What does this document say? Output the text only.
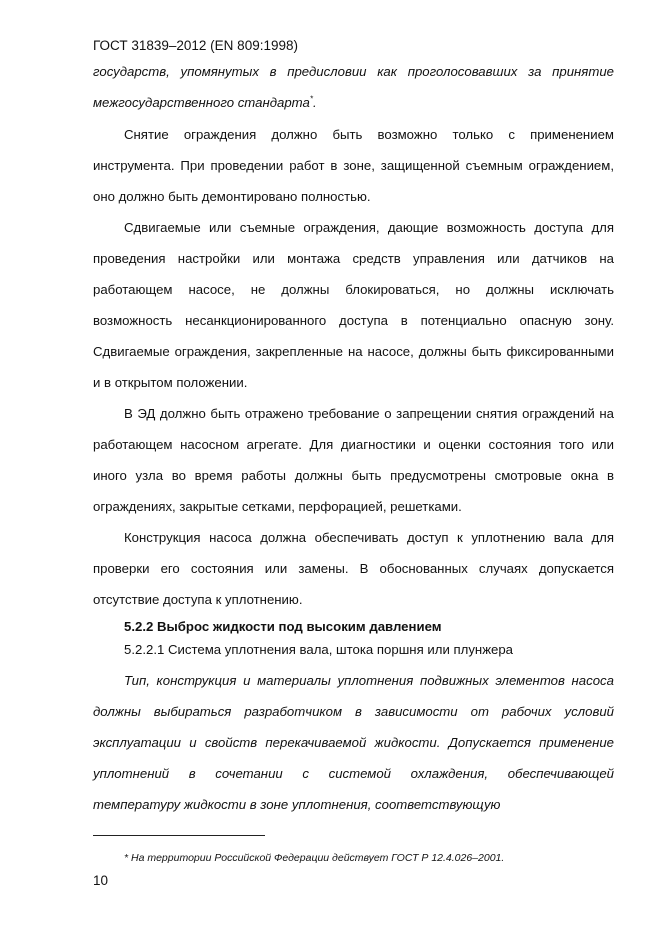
ГОСТ 31839–2012 (EN 809:1998)
государств, упомянутых в предисловии как проголосовавших за принятие
межгосударственного стандарта*.
Снятие ограждения должно быть возможно только с применением
инструмента. При проведении работ в зоне, защищенной съемным ограждением,
оно должно быть демонтировано полностью.
Сдвигаемые или съемные ограждения, дающие возможность доступа для
проведения настройки или монтажа средств управления или датчиков на
работающем насосе, не должны блокироваться, но должны исключать
возможность несанкционированного доступа в потенциально опасную зону.
Сдвигаемые ограждения, закрепленные на насосе, должны быть фиксированными
и в открытом положении.
В ЭД должно быть отражено требование о запрещении снятия ограждений на
работающем насосном агрегате. Для диагностики и оценки состояния того или
иного узла во время работы должны быть предусмотрены смотровые окна в
ограждениях, закрытые сетками, перфорацией, решетками.
Конструкция насоса должна обеспечивать доступ к уплотнению вала для
проверки его состояния или замены. В обоснованных случаях допускается
отсутствие доступа к уплотнению.
5.2.2 Выброс жидкости под высоким давлением
5.2.2.1 Система уплотнения вала, штока поршня или плунжера
Тип, конструкция и материалы уплотнения подвижных элементов насоса
должны выбираться разработчиком в зависимости от рабочих условий
эксплуатации и свойств перекачиваемой жидкости. Допускается применение
уплотнений в сочетании с системой охлаждения, обеспечивающей
температуру жидкости в зоне уплотнения, соответствующую
* На территории Российской Федерации действует ГОСТ Р 12.4.026–2001.
10
